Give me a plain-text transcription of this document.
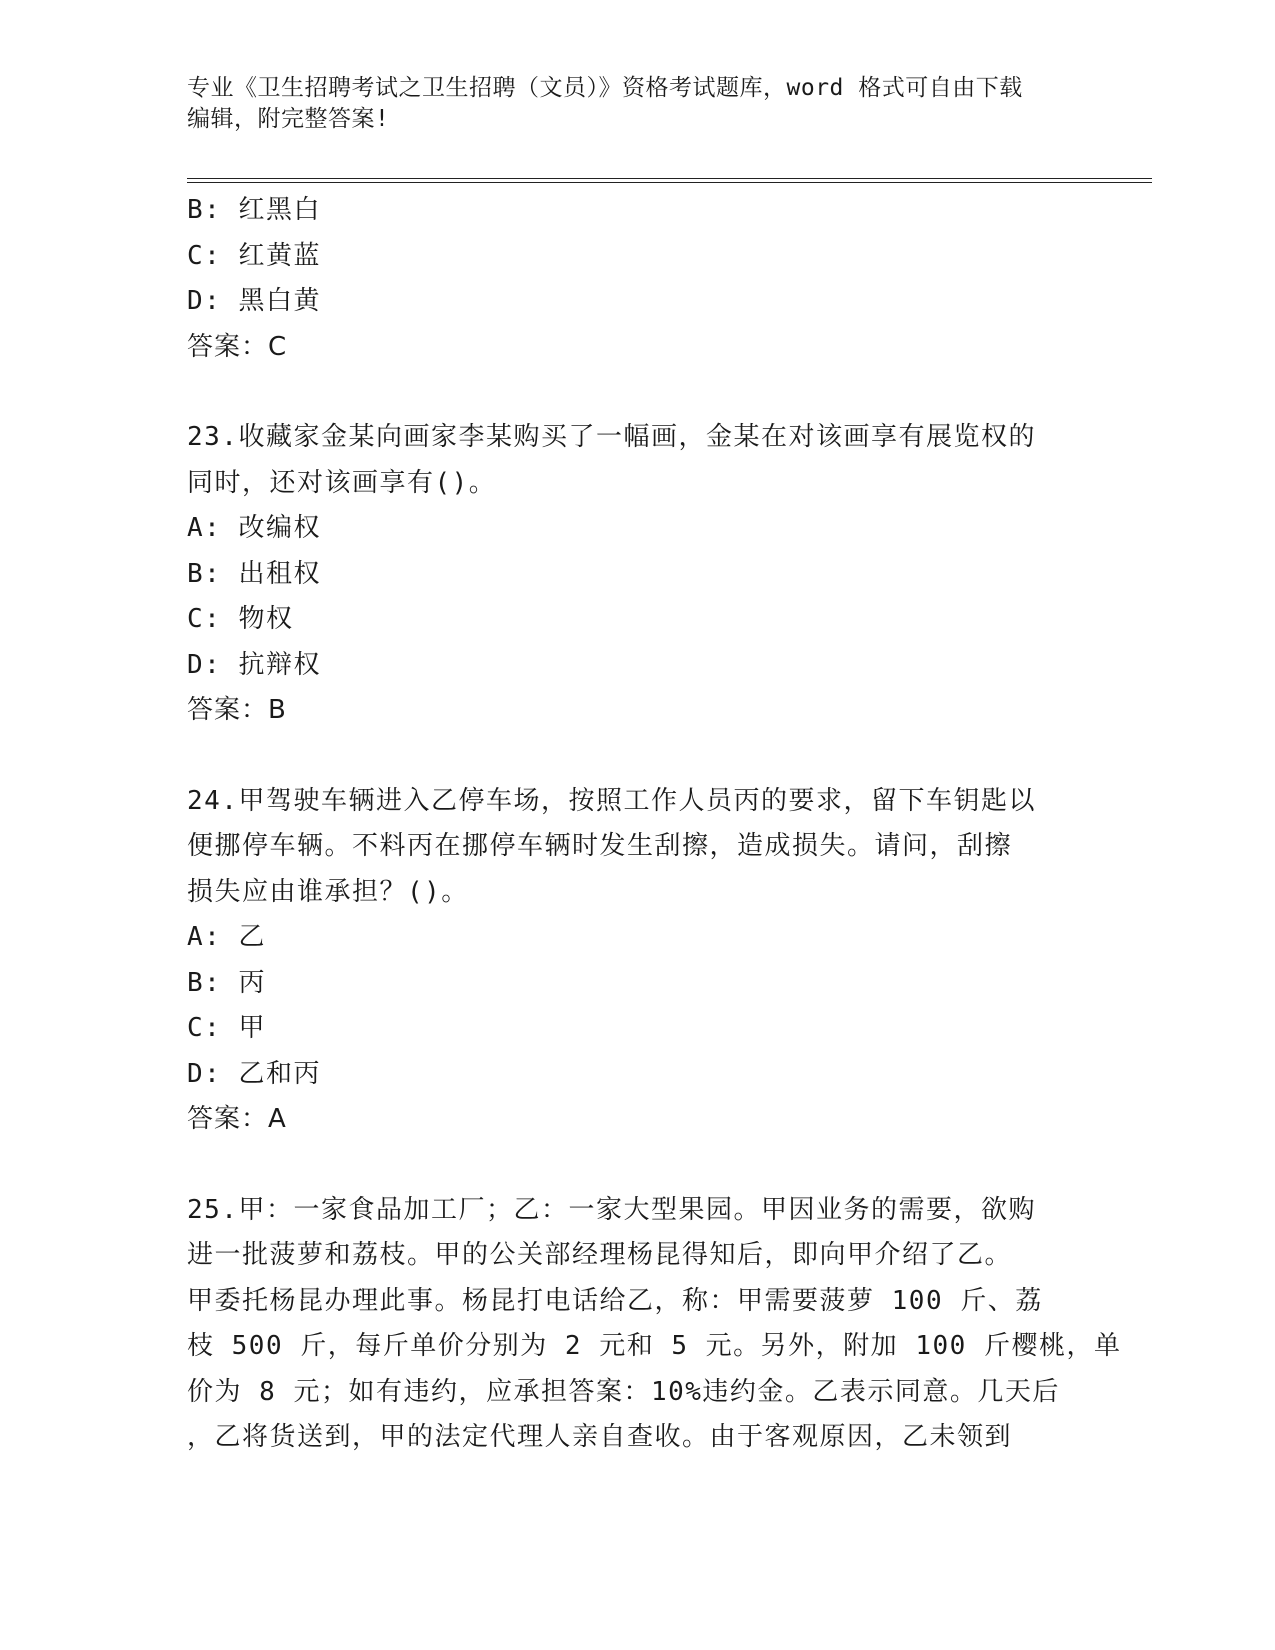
专业《卫生招聘考试之卫生招聘（文员）》资格考试题库，word 格式可自由下载
编辑，附完整答案!
B: 红黑白
C: 红黄蓝
D: 黑白黄
答案：C
23.收藏家金某向画家李某购买了一幅画，金某在对该画享有展览权的
同时，还对该画享有()。
A: 改编权
B: 出租权
C: 物权
D: 抗辩权
答案：B
24.甲驾驶车辆进入乙停车场，按照工作人员丙的要求，留下车钥匙以
便挪停车辆。不料丙在挪停车辆时发生刮擦，造成损失。请问，刮擦
损失应由谁承担？()。
A: 乙
B: 丙
C: 甲
D: 乙和丙
答案：A
25.甲：一家食品加工厂；乙：一家大型果园。甲因业务的需要，欲购
进一批菠萝和荔枝。甲的公关部经理杨昆得知后，即向甲介绍了乙。
甲委托杨昆办理此事。杨昆打电话给乙，称：甲需要菠萝 100 斤、荔
枝 500 斤，每斤单价分别为 2 元和 5 元。另外，附加 100 斤樱桃，单
价为 8 元；如有违约，应承担答案：10%违约金。乙表示同意。几天后
，乙将货送到，甲的法定代理人亲自查收。由于客观原因，乙未领到
